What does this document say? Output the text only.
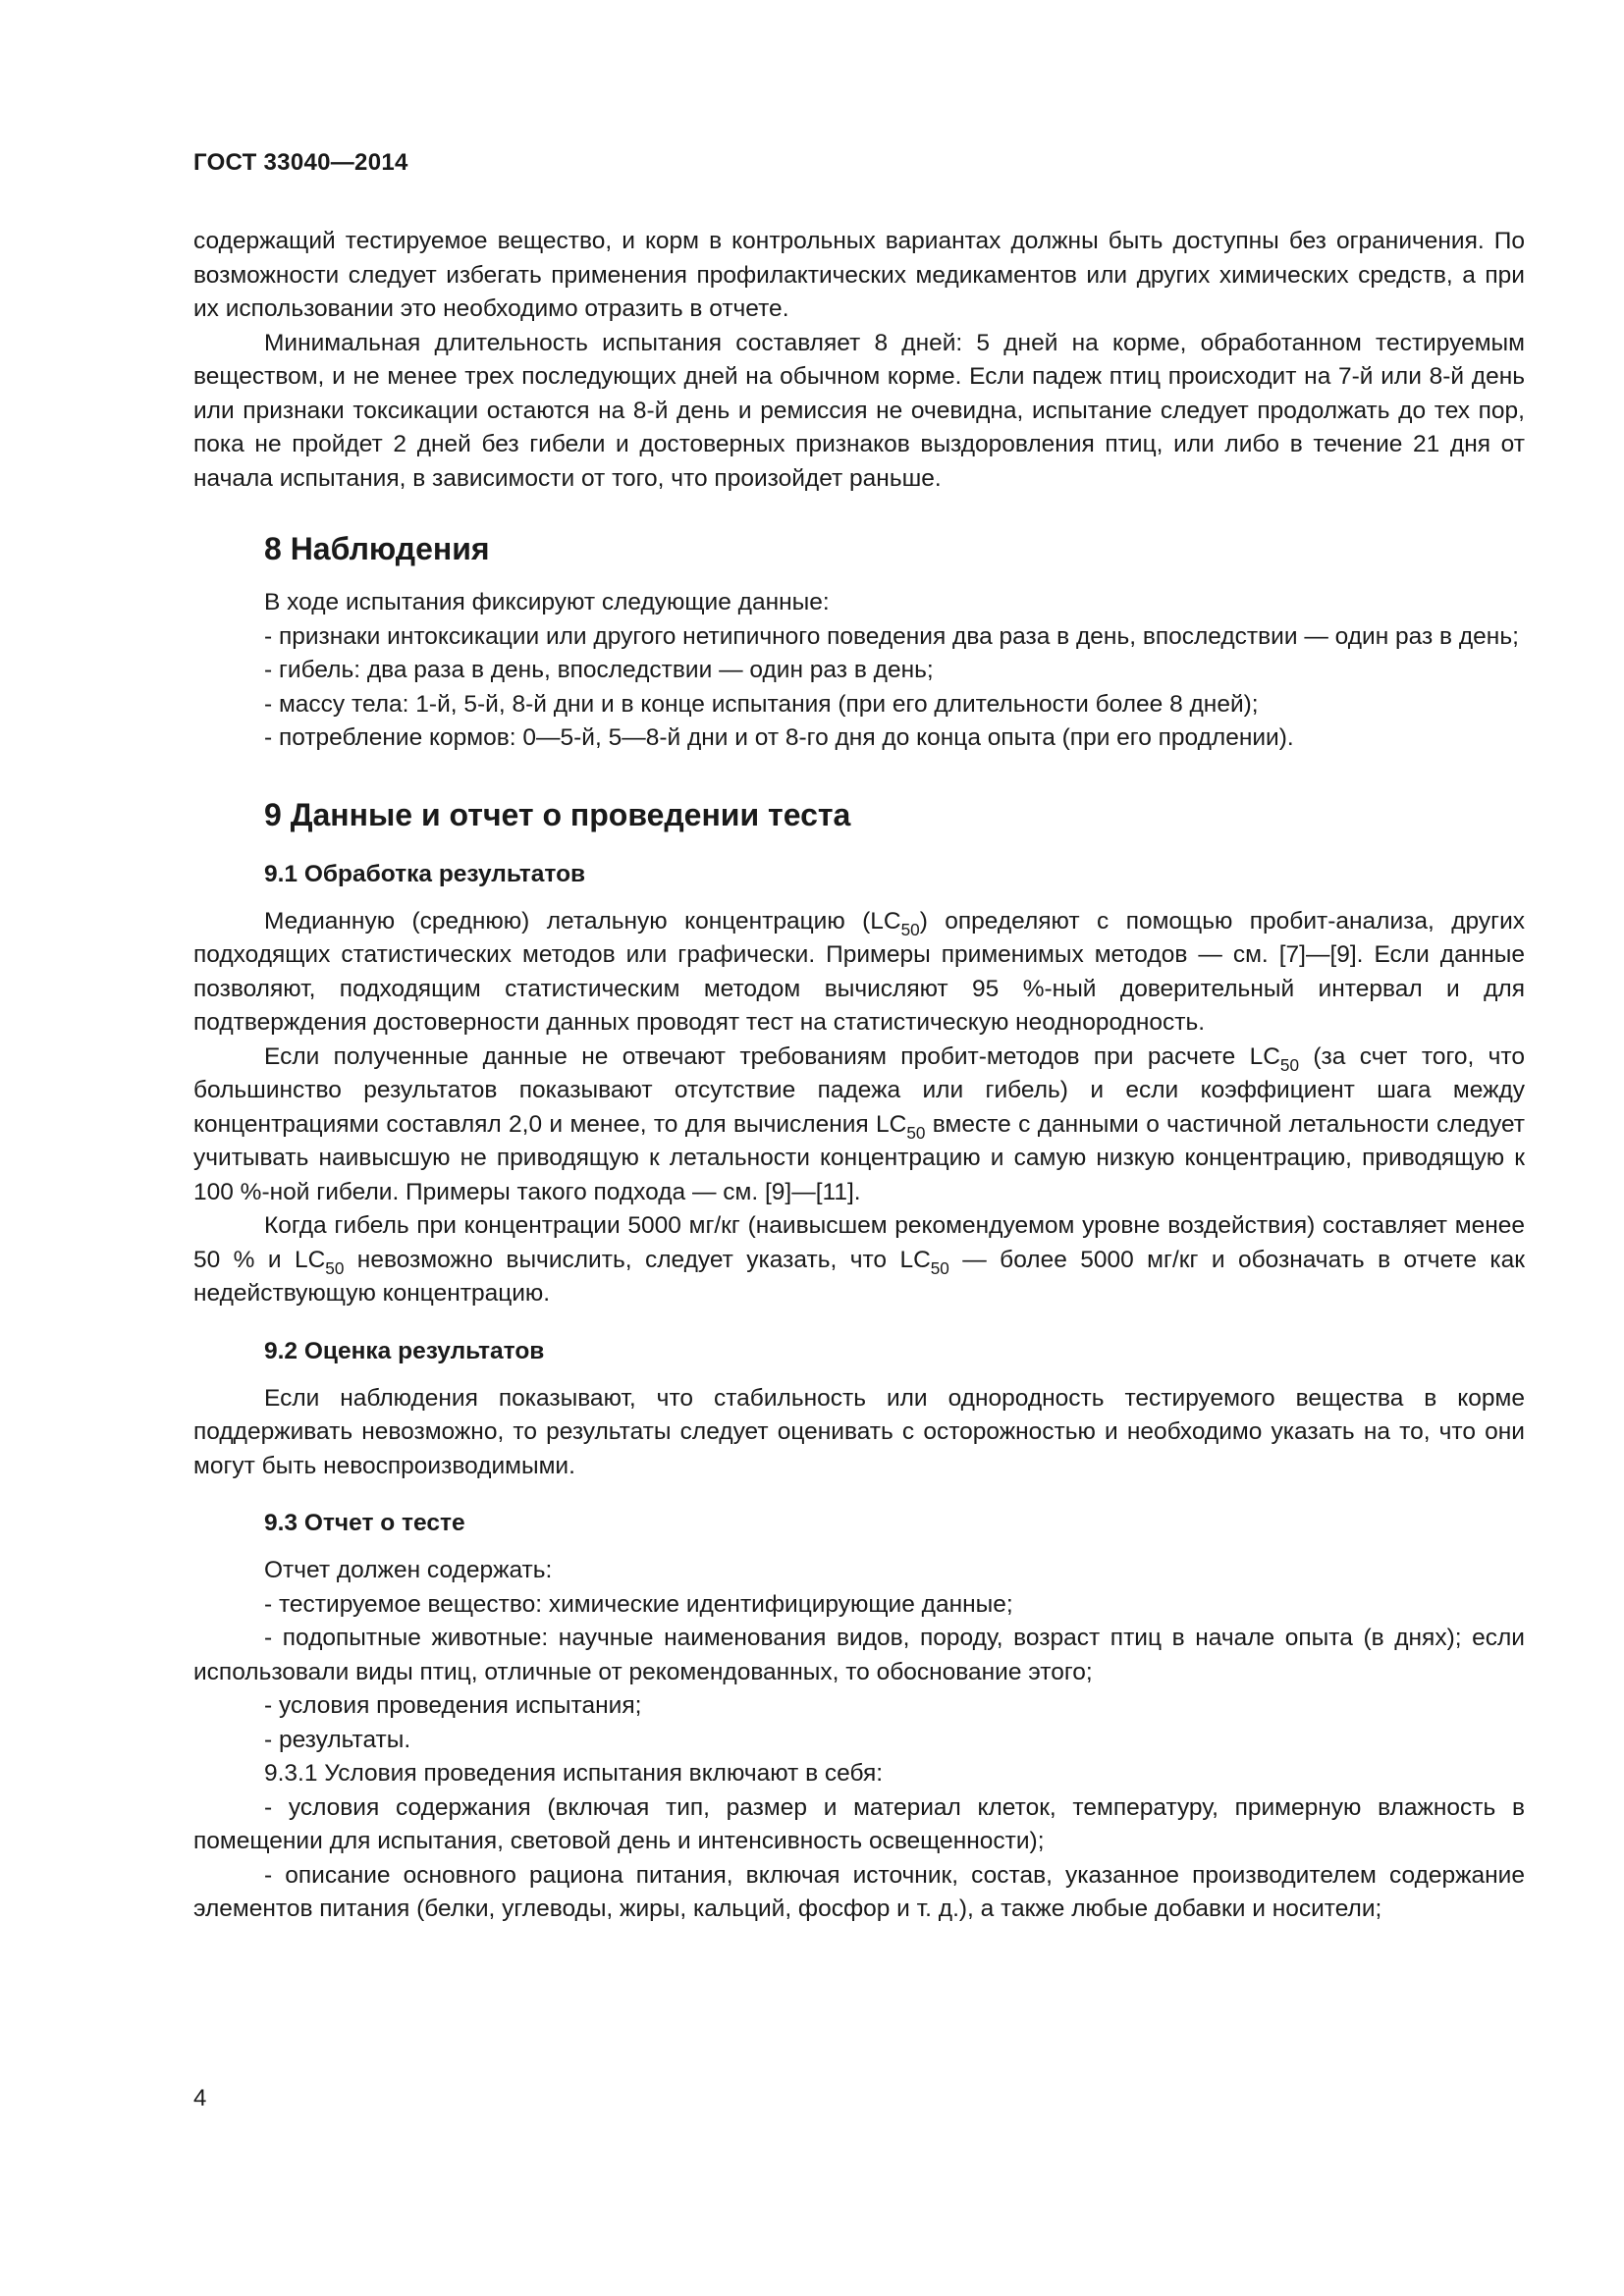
ГОСТ 33040—2014

содержащий тестируемое вещество, и корм в контрольных вариантах должны быть доступны без ограничения. По возможности следует избегать применения профилактических медикаментов или других химических средств, а при их использовании это необходимо отразить в отчете.

Минимальная длительность испытания составляет 8 дней: 5 дней на корме, обработанном тестируемым веществом, и не менее трех последующих дней на обычном корме. Если падеж птиц происходит на 7-й или 8-й день или признаки токсикации остаются на 8-й день и ремиссия не очевидна, испытание следует продолжать до тех пор, пока не пройдет 2 дней без гибели и достоверных признаков выздоровления птиц, или либо в течение 21 дня от начала испытания, в зависимости от того, что произойдет раньше.

8 Наблюдения

В ходе испытания фиксируют следующие данные:

- признаки интоксикации или другого нетипичного поведения два раза в день, впоследствии — один раз в день;

- гибель: два раза в день, впоследствии — один раз в день;

- массу тела: 1-й, 5-й, 8-й дни и в конце испытания (при его длительности более 8 дней);

- потребление кормов: 0—5-й, 5—8-й дни и от 8-го дня до конца опыта (при его продлении).

9 Данные и отчет о проведении теста
9.1 Обработка результатов

Медианную (среднюю) летальную концентрацию $(LC_{50})$ определяют с помощью пробит-анализа, других подходящих статистических методов или графически. Примеры применимых методов — см. [7]—[9]. Если данные позволяют, подходящим статистическим методом вычисляют 95 %-ный доверительный интервал и для подтверждения достоверности данных проводят тест на статистическую неоднородность.

Если полученные данные не отвечают требованиям пробит-методов при расчете $LC_{50}$ (за счет того, что большинство результатов показывают отсутствие падежа или гибель) и если коэффициент шага между концентрациями составлял 2,0 и менее, то для вычисления $LC_{50}$ вместе с данными о частичной летальности следует учитывать наивысшую не приводящую к летальности концентрацию и самую низкую концентрацию, приводящую к 100 %-ной гибели. Примеры такого подхода — см. [9]—[11].

Когда гибель при концентрации 5000 мг/кг (наивысшем рекомендуемом уровне воздействия) составляет менее 50 % и $LC_{50}$ невозможно вычислить, следует указать, что $LC_{50}$ — более 5000 мг/кг и обозначать в отчете как недействующую концентрацию.

9.2 Оценка результатов

Если наблюдения показывают, что стабильность или однородность тестируемого вещества в корме поддерживать невозможно, то результаты следует оценивать с осторожностью и необходимо указать на то, что они могут быть невоспроизводимыми.

9.3 Отчет о тесте

Отчет должен содержать:

- тестируемое вещество: химические идентифицирующие данные;

- подопытные животные: научные наименования видов, породу, возраст птиц в начале опыта (в днях); если использовали виды птиц, отличные от рекомендованных, то обоснование этого;

- условия проведения испытания;

- результаты.

9.3.1 Условия проведения испытания включают в себя:

- условия содержания (включая тип, размер и материал клеток, температуру, примерную влажность в помещении для испытания, световой день и интенсивность освещенности);

- описание основного рациона питания, включая источник, состав, указанное производителем содержание элементов питания (белки, углеводы, жиры, кальций, фосфор и т. д.), а также любые добавки и носители;

4
